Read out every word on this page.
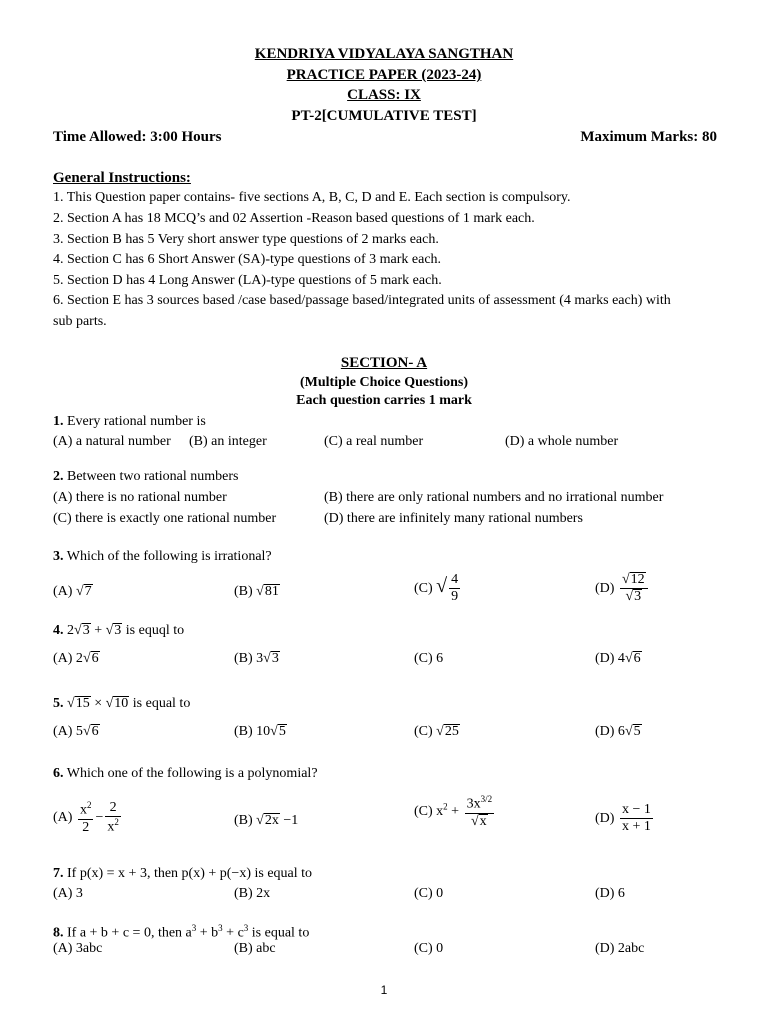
KENDRIYA VIDYALAYA SANGTHAN
PRACTICE PAPER (2023-24)
CLASS: IX
PT-2[CUMULATIVE TEST]
Time Allowed: 3:00 Hours	Maximum Marks: 80
General Instructions:
1. This Question paper contains- five sections A, B, C, D and E. Each section is compulsory.
2. Section A has 18 MCQ’s and 02 Assertion -Reason based questions of 1 mark each.
3. Section B has 5 Very short answer type questions of 2 marks each.
4. Section C has 6 Short Answer (SA)-type questions of 3 mark each.
5. Section D has 4 Long Answer (LA)-type questions of 5 mark each.
6. Section E has 3 sources based /case based/passage based/integrated units of assessment (4 marks each) with
sub parts.
SECTION- A
(Multiple Choice Questions)
Each question carries 1 mark
1. Every rational number is
(A) a natural number (B) an integer	(C) a real number	(D) a whole number
2. Between two rational numbers
(A) there is no rational number	(B) there are only rational numbers and no irrational number
(C) there is exactly one rational number	(D) there are infinitely many rational numbers
3. Which of the following is irrational?
(A) √7	(B) √81	(C) √ $\frac{4}{9}$	$(D) \frac{√12}{√3}$
4. 2√3 + √3 is equql to
(A) 2√6	(B) 3√3	(C) 6	(D) 4√6
5. √15 × √10 is equal to
(A) 5√6	(B) 10√5	(C) √25	(D) 6√5
6. Which one of the following is a polynomial?
$(A) \frac{x^2}{2} - \frac{2}{x^2}$	(B) √2x −1
(C) $x^2 + \frac{3x^{3/2}}{√x}$	$(D) \frac{x - 1}{x + 1}$
7. If p(x) = x + 3, then p(x) + p(−x) is equal to
(A) 3	(B) 2x	(C) 0	(D) 6
8. If a + b + c = 0, then $a^3 + b^3 + c^3$ is equal to
(A) 3abc	(B) abc	(C) 0	(D) 2abc
1
